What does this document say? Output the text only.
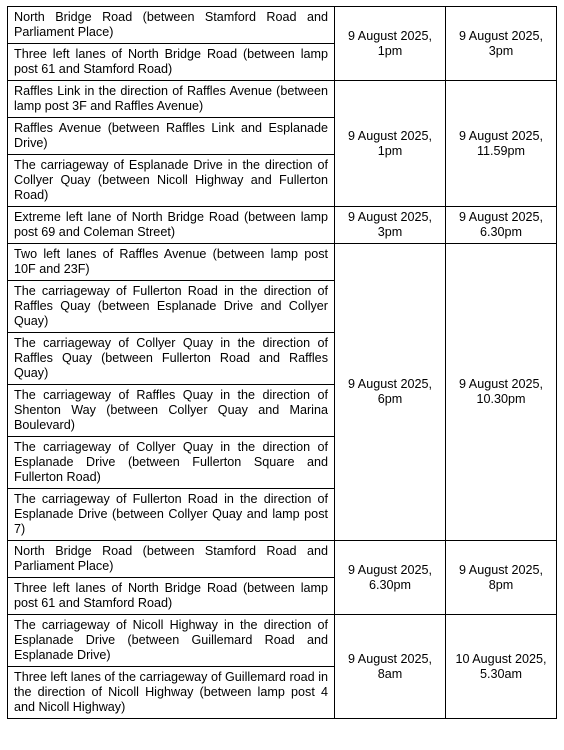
North Bridge Road (between Stamford Road and Parliament Place)	9 August 2025, 1pm	9 August 2025, 3pm
Three left lanes of North Bridge Road (between lamp post 61 and Stamford Road)		
Raffles Link in the direction of Raffles Avenue (between lamp post 3F and Raffles Avenue)	9 August 2025, 1pm	9 August 2025, 11.59pm
Raffles Avenue (between Raffles Link and Esplanade Drive)		
The carriageway of Esplanade Drive in the direction of Collyer Quay (between Nicoll Highway and Fullerton Road)		
Extreme left lane of North Bridge Road (between lamp post 69 and Coleman Street)	9 August 2025, 3pm	9 August 2025, 6.30pm
Two left lanes of Raffles Avenue (between lamp post 10F and 23F)	9 August 2025, 6pm	9 August 2025, 10.30pm
The carriageway of Fullerton Road in the direction of Raffles Quay (between Esplanade Drive and Collyer Quay)		
The carriageway of Collyer Quay in the direction of Raffles Quay (between Fullerton Road and Raffles Quay)		
The carriageway of Raffles Quay in the direction of Shenton Way (between Collyer Quay and Marina Boulevard)		
The carriageway of Collyer Quay in the direction of Esplanade Drive (between Fullerton Square and Fullerton Road)		
The carriageway of Fullerton Road in the direction of Esplanade Drive (between Collyer Quay and lamp post 7)		
North Bridge Road (between Stamford Road and Parliament Place)	9 August 2025, 6.30pm	9 August 2025, 8pm
Three left lanes of North Bridge Road (between lamp post 61 and Stamford Road)		
The carriageway of Nicoll Highway in the direction of Esplanade Drive (between Guillemard Road and Esplanade Drive)	9 August 2025, 8am	10 August 2025, 5.30am
Three left lanes of the carriageway of Guillemard road in the direction of Nicoll Highway (between lamp post 4 and Nicoll Highway)		
